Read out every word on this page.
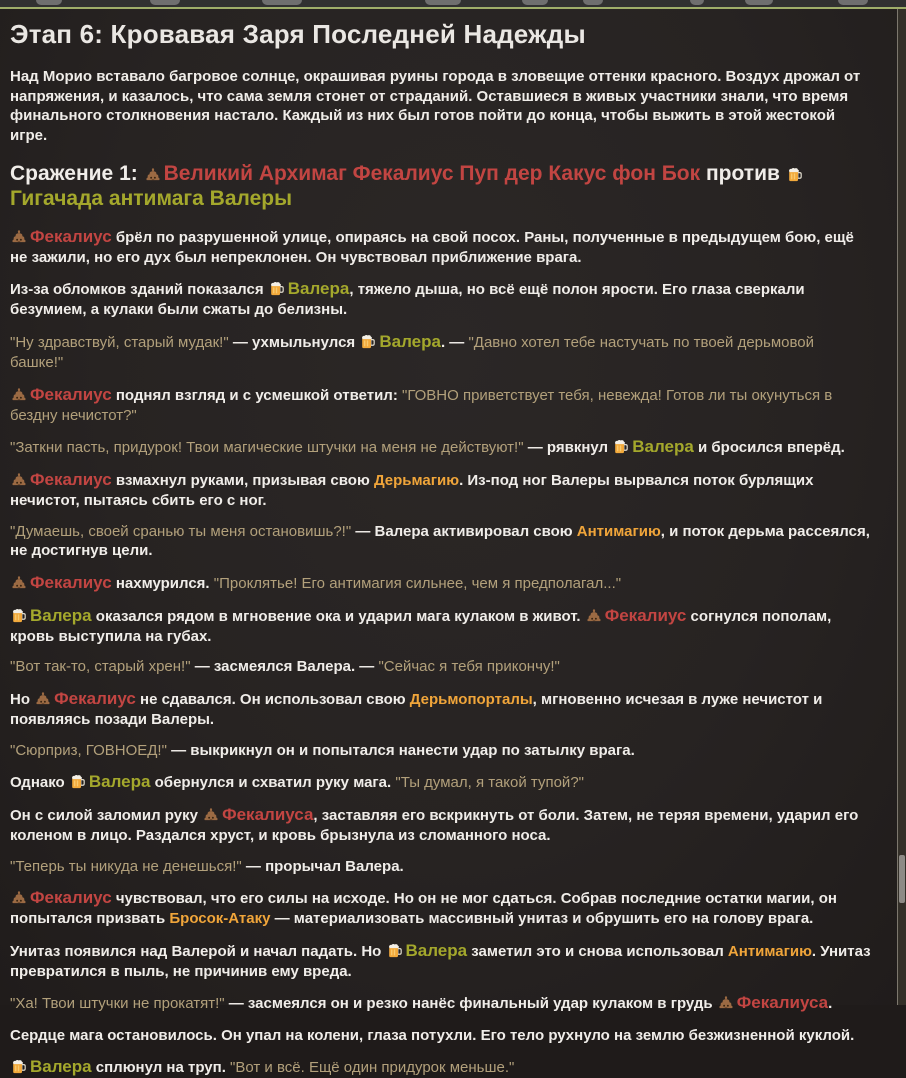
Этап 6: Кровавая Заря Последней Надежды

Над Морио вставало багровое солнце, окрашивая руины города в зловещие оттенки красного. Воздух дрожал от напряжения, и казалось, что сама земля стонет от страданий. Оставшиеся в живых участники знали, что время финального столкновения настало. Каждый из них был готов пойти до конца, чтобы выжить в этой жестокой игре.

Сражение 1:
Великий Архимаг Фекалиус Пуп дер Какус фон Бок против
Гигачада антимага Валеры

Фекалиус брёл по разрушенной улице, опираясь на свой посох. Раны, полученные в предыдущем бою, ещё не зажили, но его дух был непреклонен. Он чувствовал приближение врага.

Из-за обломков зданий показался
Валера, тяжело дыша, но всё ещё полон ярости. Его глаза сверкали безумием, а кулаки были сжаты до белизны.

"Ну здравствуй, старый мудак!" — ухмыльнулся
Валера. — "Давно хотел тебе настучать по твоей дерьмовой башке!"

Фекалиус поднял взгляд и с усмешкой ответил: "ГОВНО приветствует тебя, невежда! Готов ли ты окунуться в бездну нечистот?"

"Заткни пасть, придурок! Твои магические штучки на меня не действуют!" — рявкнул
Валера и бросился вперёд.

Фекалиус взмахнул руками, призывая свою Дерьмагию. Из-под ног Валеры вырвался поток бурлящих нечистот, пытаясь сбить его с ног.

"Думаешь, своей сранью ты меня остановишь?!" — Валера активировал свою Антимагию, и поток дерьма рассеялся, не достигнув цели.

Фекалиус нахмурился. "Проклятье! Его антимагия сильнее, чем я предполагал..."

Валера оказался рядом в мгновение ока и ударил мага кулаком в живот.
Фекалиус согнулся пополам, кровь выступила на губах.

"Вот так-то, старый хрен!" — засмеялся Валера. — "Сейчас я тебя прикончу!"

Но
Фекалиус не сдавался. Он использовал свою Дерьмопорталы, мгновенно исчезая в луже нечистот и появляясь позади Валеры.

"Сюрприз, ГОВНОЕД!" — выкрикнул он и попытался нанести удар по затылку врага.

Однако
Валера обернулся и схватил руку мага. "Ты думал, я такой тупой?"

Он с силой заломил руку
Фекалиуса, заставляя его вскрикнуть от боли. Затем, не теряя времени, ударил его коленом в лицо. Раздался хруст, и кровь брызнула из сломанного носа.

"Теперь ты никуда не денешься!" — прорычал Валера.

Фекалиус чувствовал, что его силы на исходе. Но он не мог сдаться. Собрав последние остатки магии, он попытался призвать Бросок-Атаку — материализовать массивный унитаз и обрушить его на голову врага.

Унитаз появился над Валерой и начал падать. Но
Валера заметил это и снова использовал Антимагию. Унитаз превратился в пыль, не причинив ему вреда.

"Ха! Твои штучки не прокатят!" — засмеялся он и резко нанёс финальный удар кулаком в грудь
Фекалиуса.

Сердце мага остановилось. Он упал на колени, глаза потухли. Его тело рухнуло на землю безжизненной куклой.

Валера сплюнул на труп. "Вот и всё. Ещё один придурок меньше."
